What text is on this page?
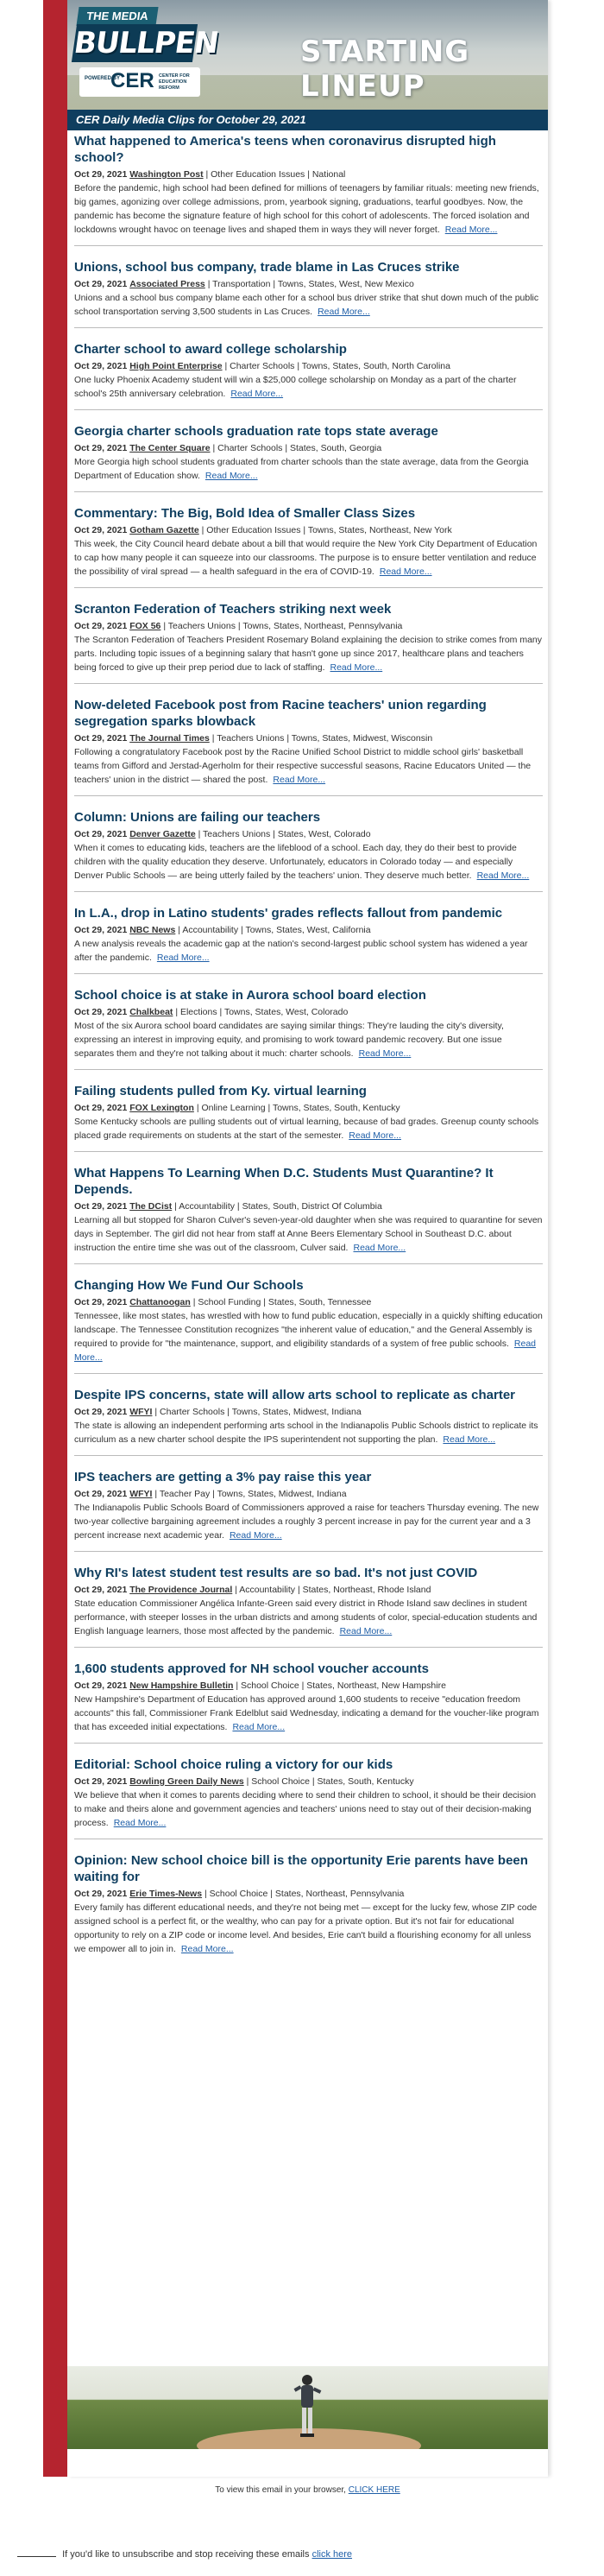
THE MEDIA
BULLPEN
POWERED BY
CER CENTER FOR EDUCATION REFORM
STARTING LINEUP
CER Daily Media Clips for October 29, 2021
What happened to America's teens when coronavirus disrupted high school?
Oct 29, 2021 Washington Post | Other Education Issues | National
Before the pandemic, high school had been defined for millions of teenagers by familiar rituals: meeting new friends, big games, agonizing over college admissions, prom, yearbook signing, graduations, tearful goodbyes. Now, the pandemic has become the signature feature of high school for this cohort of adolescents. The forced isolation and lockdowns wrought havoc on teenage lives and shaped them in ways they will never forget. Read More...
Unions, school bus company, trade blame in Las Cruces strike
Oct 29, 2021 Associated Press | Transportation | Towns, States, West, New Mexico
Unions and a school bus company blame each other for a school bus driver strike that shut down much of the public school transportation serving 3,500 students in Las Cruces. Read More...
Charter school to award college scholarship
Oct 29, 2021 High Point Enterprise | Charter Schools | Towns, States, South, North Carolina
One lucky Phoenix Academy student will win a $25,000 college scholarship on Monday as a part of the charter school's 25th anniversary celebration. Read More...
Georgia charter schools graduation rate tops state average
Oct 29, 2021 The Center Square | Charter Schools | States, South, Georgia
More Georgia high school students graduated from charter schools than the state average, data from the Georgia Department of Education show. Read More...
Commentary: The Big, Bold Idea of Smaller Class Sizes
Oct 29, 2021 Gotham Gazette | Other Education Issues | Towns, States, Northeast, New York
This week, the City Council heard debate about a bill that would require the New York City Department of Education to cap how many people it can squeeze into our classrooms. The purpose is to ensure better ventilation and reduce the possibility of viral spread — a health safeguard in the era of COVID-19. Read More...
Scranton Federation of Teachers striking next week
Oct 29, 2021 FOX 56 | Teachers Unions | Towns, States, Northeast, Pennsylvania
The Scranton Federation of Teachers President Rosemary Boland explaining the decision to strike comes from many parts. Including topic issues of a beginning salary that hasn't gone up since 2017, healthcare plans and teachers being forced to give up their prep period due to lack of staffing. Read More...
Now-deleted Facebook post from Racine teachers' union regarding segregation sparks blowback
Oct 29, 2021 The Journal Times | Teachers Unions | Towns, States, Midwest, Wisconsin
Following a congratulatory Facebook post by the Racine Unified School District to middle school girls' basketball teams from Gifford and Jerstad-Agerholm for their respective successful seasons, Racine Educators United — the teachers' union in the district — shared the post. Read More...
Column: Unions are failing our teachers
Oct 29, 2021 Denver Gazette | Teachers Unions | States, West, Colorado
When it comes to educating kids, teachers are the lifeblood of a school. Each day, they do their best to provide children with the quality education they deserve. Unfortunately, educators in Colorado today — and especially Denver Public Schools — are being utterly failed by the teachers' union. They deserve much better. Read More...
In L.A., drop in Latino students' grades reflects fallout from pandemic
Oct 29, 2021 NBC News | Accountability | Towns, States, West, California
A new analysis reveals the academic gap at the nation's second-largest public school system has widened a year after the pandemic. Read More...
School choice is at stake in Aurora school board election
Oct 29, 2021 Chalkbeat | Elections | Towns, States, West, Colorado
Most of the six Aurora school board candidates are saying similar things: They're lauding the city's diversity, expressing an interest in improving equity, and promising to work toward pandemic recovery. But one issue separates them and they're not talking about it much: charter schools. Read More...
Failing students pulled from Ky. virtual learning
Oct 29, 2021 FOX Lexington | Online Learning | Towns, States, South, Kentucky
Some Kentucky schools are pulling students out of virtual learning, because of bad grades. Greenup county schools placed grade requirements on students at the start of the semester. Read More...
What Happens To Learning When D.C. Students Must Quarantine? It Depends.
Oct 29, 2021 The DCist | Accountability | States, South, District Of Columbia
Learning all but stopped for Sharon Culver's seven-year-old daughter when she was required to quarantine for seven days in September. The girl did not hear from staff at Anne Beers Elementary School in Southeast D.C. about instruction the entire time she was out of the classroom, Culver said. Read More...
Changing How We Fund Our Schools
Oct 29, 2021 Chattanoogan | School Funding | States, South, Tennessee
Tennessee, like most states, has wrestled with how to fund public education, especially in a quickly shifting education landscape. The Tennessee Constitution recognizes "the inherent value of education," and the General Assembly is required to provide for "the maintenance, support, and eligibility standards of a system of free public schools. Read More...
Despite IPS concerns, state will allow arts school to replicate as charter
Oct 29, 2021 WFYI | Charter Schools | Towns, States, Midwest, Indiana
The state is allowing an independent performing arts school in the Indianapolis Public Schools district to replicate its curriculum as a new charter school despite the IPS superintendent not supporting the plan. Read More...
IPS teachers are getting a 3% pay raise this year
Oct 29, 2021 WFYI | Teacher Pay | Towns, States, Midwest, Indiana
The Indianapolis Public Schools Board of Commissioners approved a raise for teachers Thursday evening. The new two-year collective bargaining agreement includes a roughly 3 percent increase in pay for the current year and a 3 percent increase next academic year. Read More...
Why RI's latest student test results are so bad. It's not just COVID
Oct 29, 2021 The Providence Journal | Accountability | States, Northeast, Rhode Island
State education Commissioner Angélica Infante-Green said every district in Rhode Island saw declines in student performance, with steeper losses in the urban districts and among students of color, special-education students and English language learners, those most affected by the pandemic. Read More...
1,600 students approved for NH school voucher accounts
Oct 29, 2021 New Hampshire Bulletin | School Choice | States, Northeast, New Hampshire
New Hampshire's Department of Education has approved around 1,600 students to receive "education freedom accounts" this fall, Commissioner Frank Edelblut said Wednesday, indicating a demand for the voucher-like program that has exceeded initial expectations. Read More...
Editorial: School choice ruling a victory for our kids
Oct 29, 2021 Bowling Green Daily News | School Choice | States, South, Kentucky
We believe that when it comes to parents deciding where to send their children to school, it should be their decision to make and theirs alone and government agencies and teachers' unions need to stay out of their decision-making process. Read More...
Opinion: New school choice bill is the opportunity Erie parents have been waiting for
Oct 29, 2021 Erie Times-News | School Choice | States, Northeast, Pennsylvania
Every family has different educational needs, and they're not being met — except for the lucky few, whose ZIP code assigned school is a perfect fit, or the wealthy, who can pay for a private option. But it's not fair for educational opportunity to rely on a ZIP code or income level. And besides, Erie can't build a flourishing economy for all unless we empower all to join in. Read More...
To view this email in your browser, CLICK HERE
If you'd like to unsubscribe and stop receiving these emails click here
